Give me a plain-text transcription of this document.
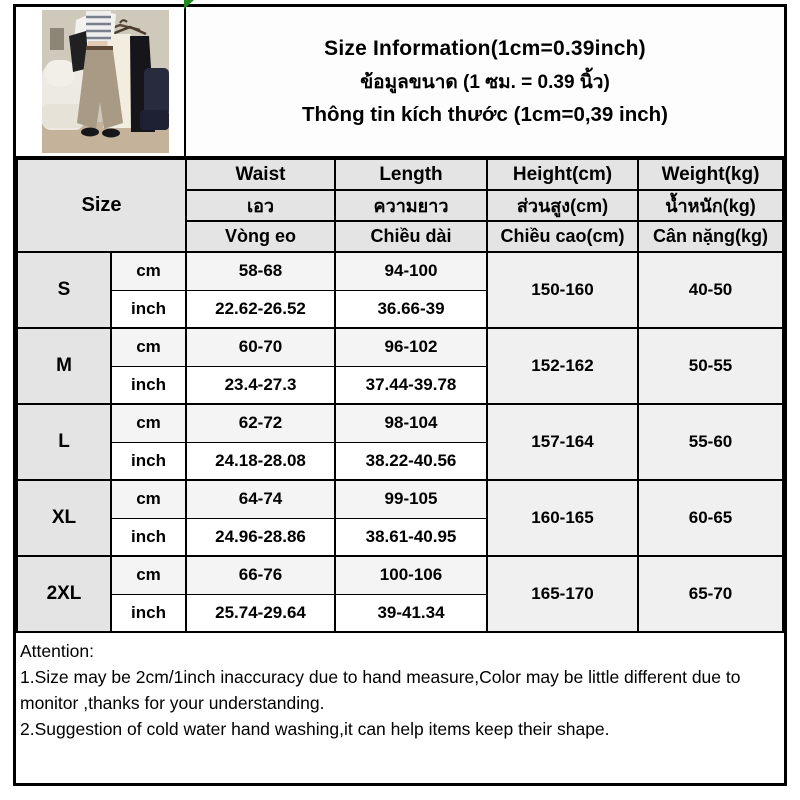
Size Information(1cm=0.39inch)
ข้อมูลขนาด (1 ซม. = 0.39 นิ้ว)
Thông tin kích thước (1cm=0,39 inch)
Size		Waist	Length	Height(cm)	Weight(kg)
		เอว	ความยาว	ส่วนสูง(cm)	น้ำหนัก(kg)
		Vòng eo	Chiều dài	Chiều cao(cm)	Cân nặng(kg)
S	cm	58-68	94-100	150-160	40-50
	inch	22.62-26.52	36.66-39		
M	cm	60-70	96-102	152-162	50-55
	inch	23.4-27.3	37.44-39.78		
L	cm	62-72	98-104	157-164	55-60
	inch	24.18-28.08	38.22-40.56		
XL	cm	64-74	99-105	160-165	60-65
	inch	24.96-28.86	38.61-40.95		
2XL	cm	66-76	100-106	165-170	65-70
	inch	25.74-29.64	39-41.34		

Attention:

1.Size may be 2cm/1inch inaccuracy due to hand measure,Color may be little different due to monitor ,thanks for your understanding.

2.Suggestion of cold water hand washing,it can help items keep their shape.
